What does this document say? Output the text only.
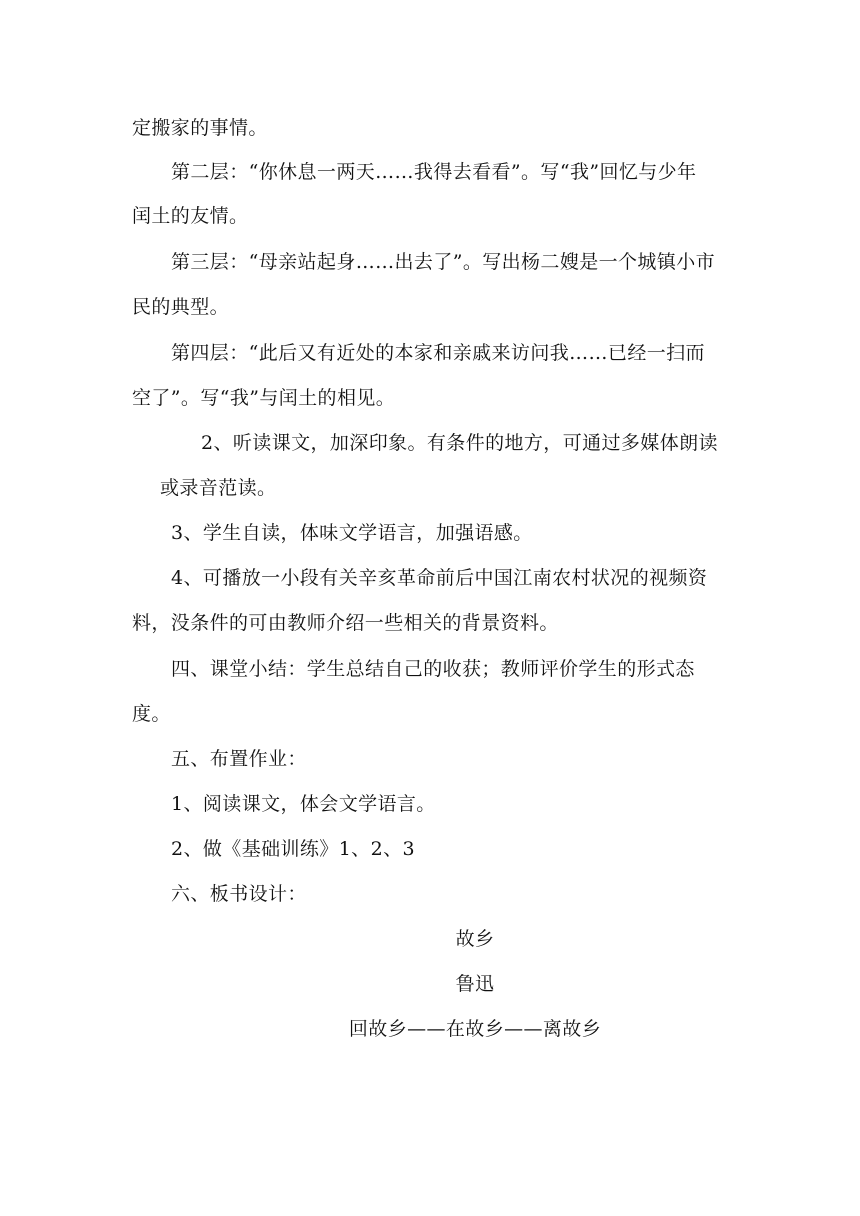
定搬家的事情。
第二层：“你休息一两天……我得去看看”。写“我”回忆与少年
闰土的友情。
第三层：“母亲站起身……出去了”。写出杨二嫂是一个城镇小市
民的典型。
第四层：“此后又有近处的本家和亲戚来访问我……已经一扫而
空了”。写“我”与闰土的相见。
2、听读课文，加深印象。有条件的地方，可通过多媒体朗读
或录音范读。
3、学生自读，体味文学语言，加强语感。
4、可播放一小段有关辛亥革命前后中国江南农村状况的视频资
料，没条件的可由教师介绍一些相关的背景资料。
四、课堂小结：学生总结自己的收获；教师评价学生的形式态
度。
五、布置作业：
1、阅读课文，体会文学语言。
2、做《基础训练》1、2、3
六、板书设计：
故乡
鲁迅
回故乡——在故乡——离故乡
